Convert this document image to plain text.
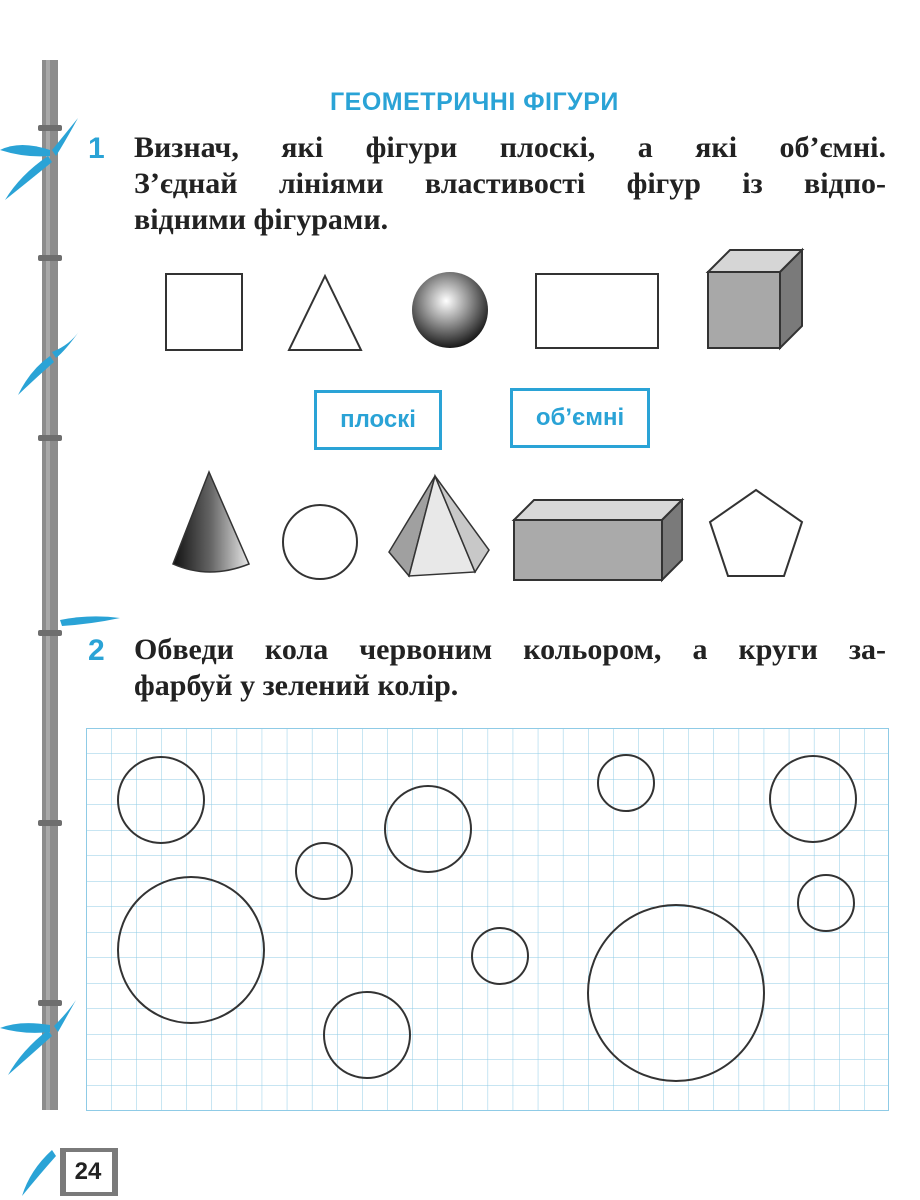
ГЕОМЕТРИЧНІ ФІГУРИ
1 Визнач, які фігури плоскі, а які об’ємні.
З’єднай лініями властивості фігур із відпо-
відними фігурами.
плоскі	об’ємні
2 Обведи кола червоним кольором, а круги за-
фарбуй у зелений колір.
24
